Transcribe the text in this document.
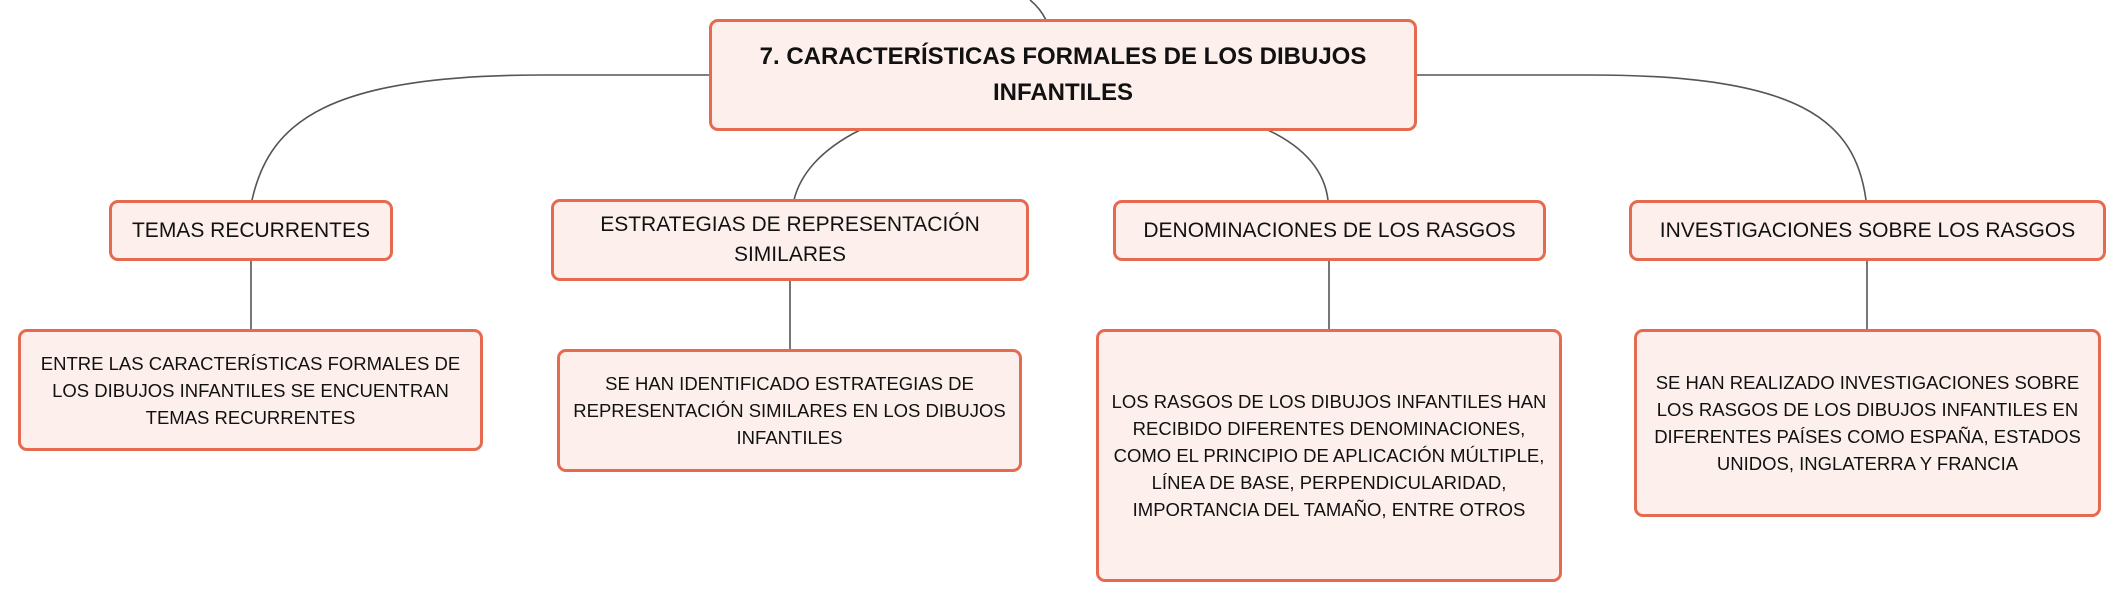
7. CARACTERÍSTICAS FORMALES DE LOS DIBUJOS INFANTILES
TEMAS RECURRENTES	ESTRATEGIAS DE REPRESENTACIÓN SIMILARES
DENOMINACIONES DE LOS RASGOS	INVESTIGACIONES SOBRE LOS RASGOS
ENTRE LAS CARACTERÍSTICAS FORMALES DE LOS DIBUJOS INFANTILES SE ENCUENTRAN TEMAS RECURRENTES
SE HAN IDENTIFICADO ESTRATEGIAS DE REPRESENTACIÓN SIMILARES EN LOS DIBUJOS INFANTILES
LOS RASGOS DE LOS DIBUJOS INFANTILES HAN RECIBIDO DIFERENTES DENOMINACIONES, COMO EL PRINCIPIO DE APLICACIÓN MÚLTIPLE, LÍNEA DE BASE, PERPENDICULARIDAD, IMPORTANCIA DEL TAMAÑO, ENTRE OTROS
SE HAN REALIZADO INVESTIGACIONES SOBRE LOS RASGOS DE LOS DIBUJOS INFANTILES EN DIFERENTES PAÍSES COMO ESPAÑA, ESTADOS UNIDOS, INGLATERRA Y FRANCIA
